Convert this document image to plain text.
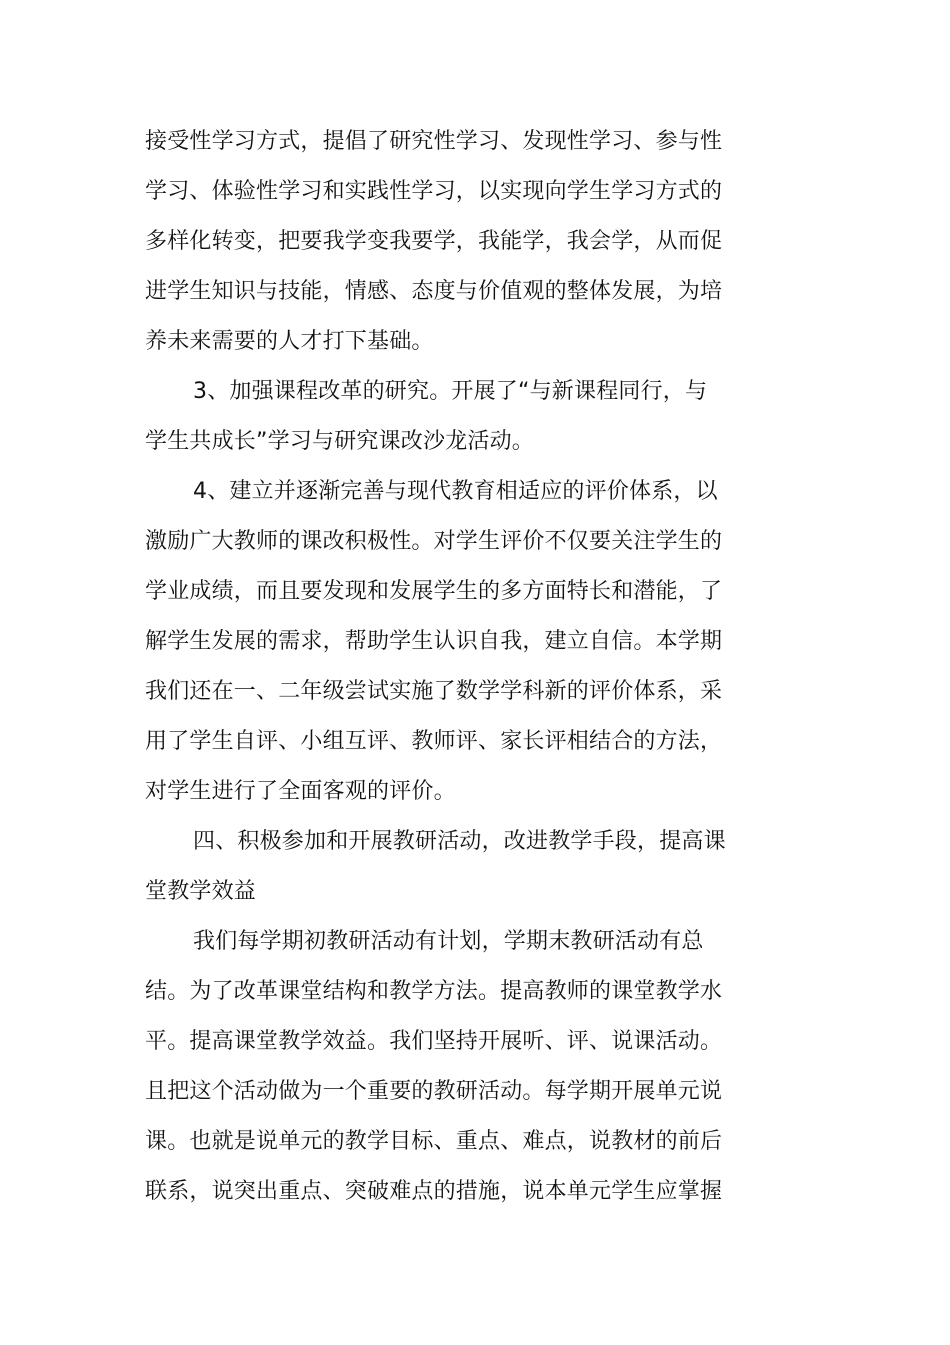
接受性学习方式，提倡了研究性学习、发现性学习、参与性
学习、体验性学习和实践性学习，以实现向学生学习方式的
多样化转变，把要我学变我要学，我能学，我会学，从而促
进学生知识与技能，情感、态度与价值观的整体发展，为培
养未来需要的人才打下基础。
3、加强课程改革的研究。开展了“与新课程同行，与
学生共成长”学习与研究课改沙龙活动。
4、建立并逐渐完善与现代教育相适应的评价体系，以
激励广大教师的课改积极性。对学生评价不仅要关注学生的
学业成绩，而且要发现和发展学生的多方面特长和潜能，了
解学生发展的需求，帮助学生认识自我，建立自信。本学期
我们还在一、二年级尝试实施了数学学科新的评价体系，采
用了学生自评、小组互评、教师评、家长评相结合的方法，
对学生进行了全面客观的评价。
四、积极参加和开展教研活动，改进教学手段，提高课
堂教学效益
我们每学期初教研活动有计划，学期末教研活动有总
结。为了改革课堂结构和教学方法。提高教师的课堂教学水
平。提高课堂教学效益。我们坚持开展听、评、说课活动。
且把这个活动做为一个重要的教研活动。每学期开展单元说
课。也就是说单元的教学目标、重点、难点，说教材的前后
联系，说突出重点、突破难点的措施，说本单元学生应掌握
